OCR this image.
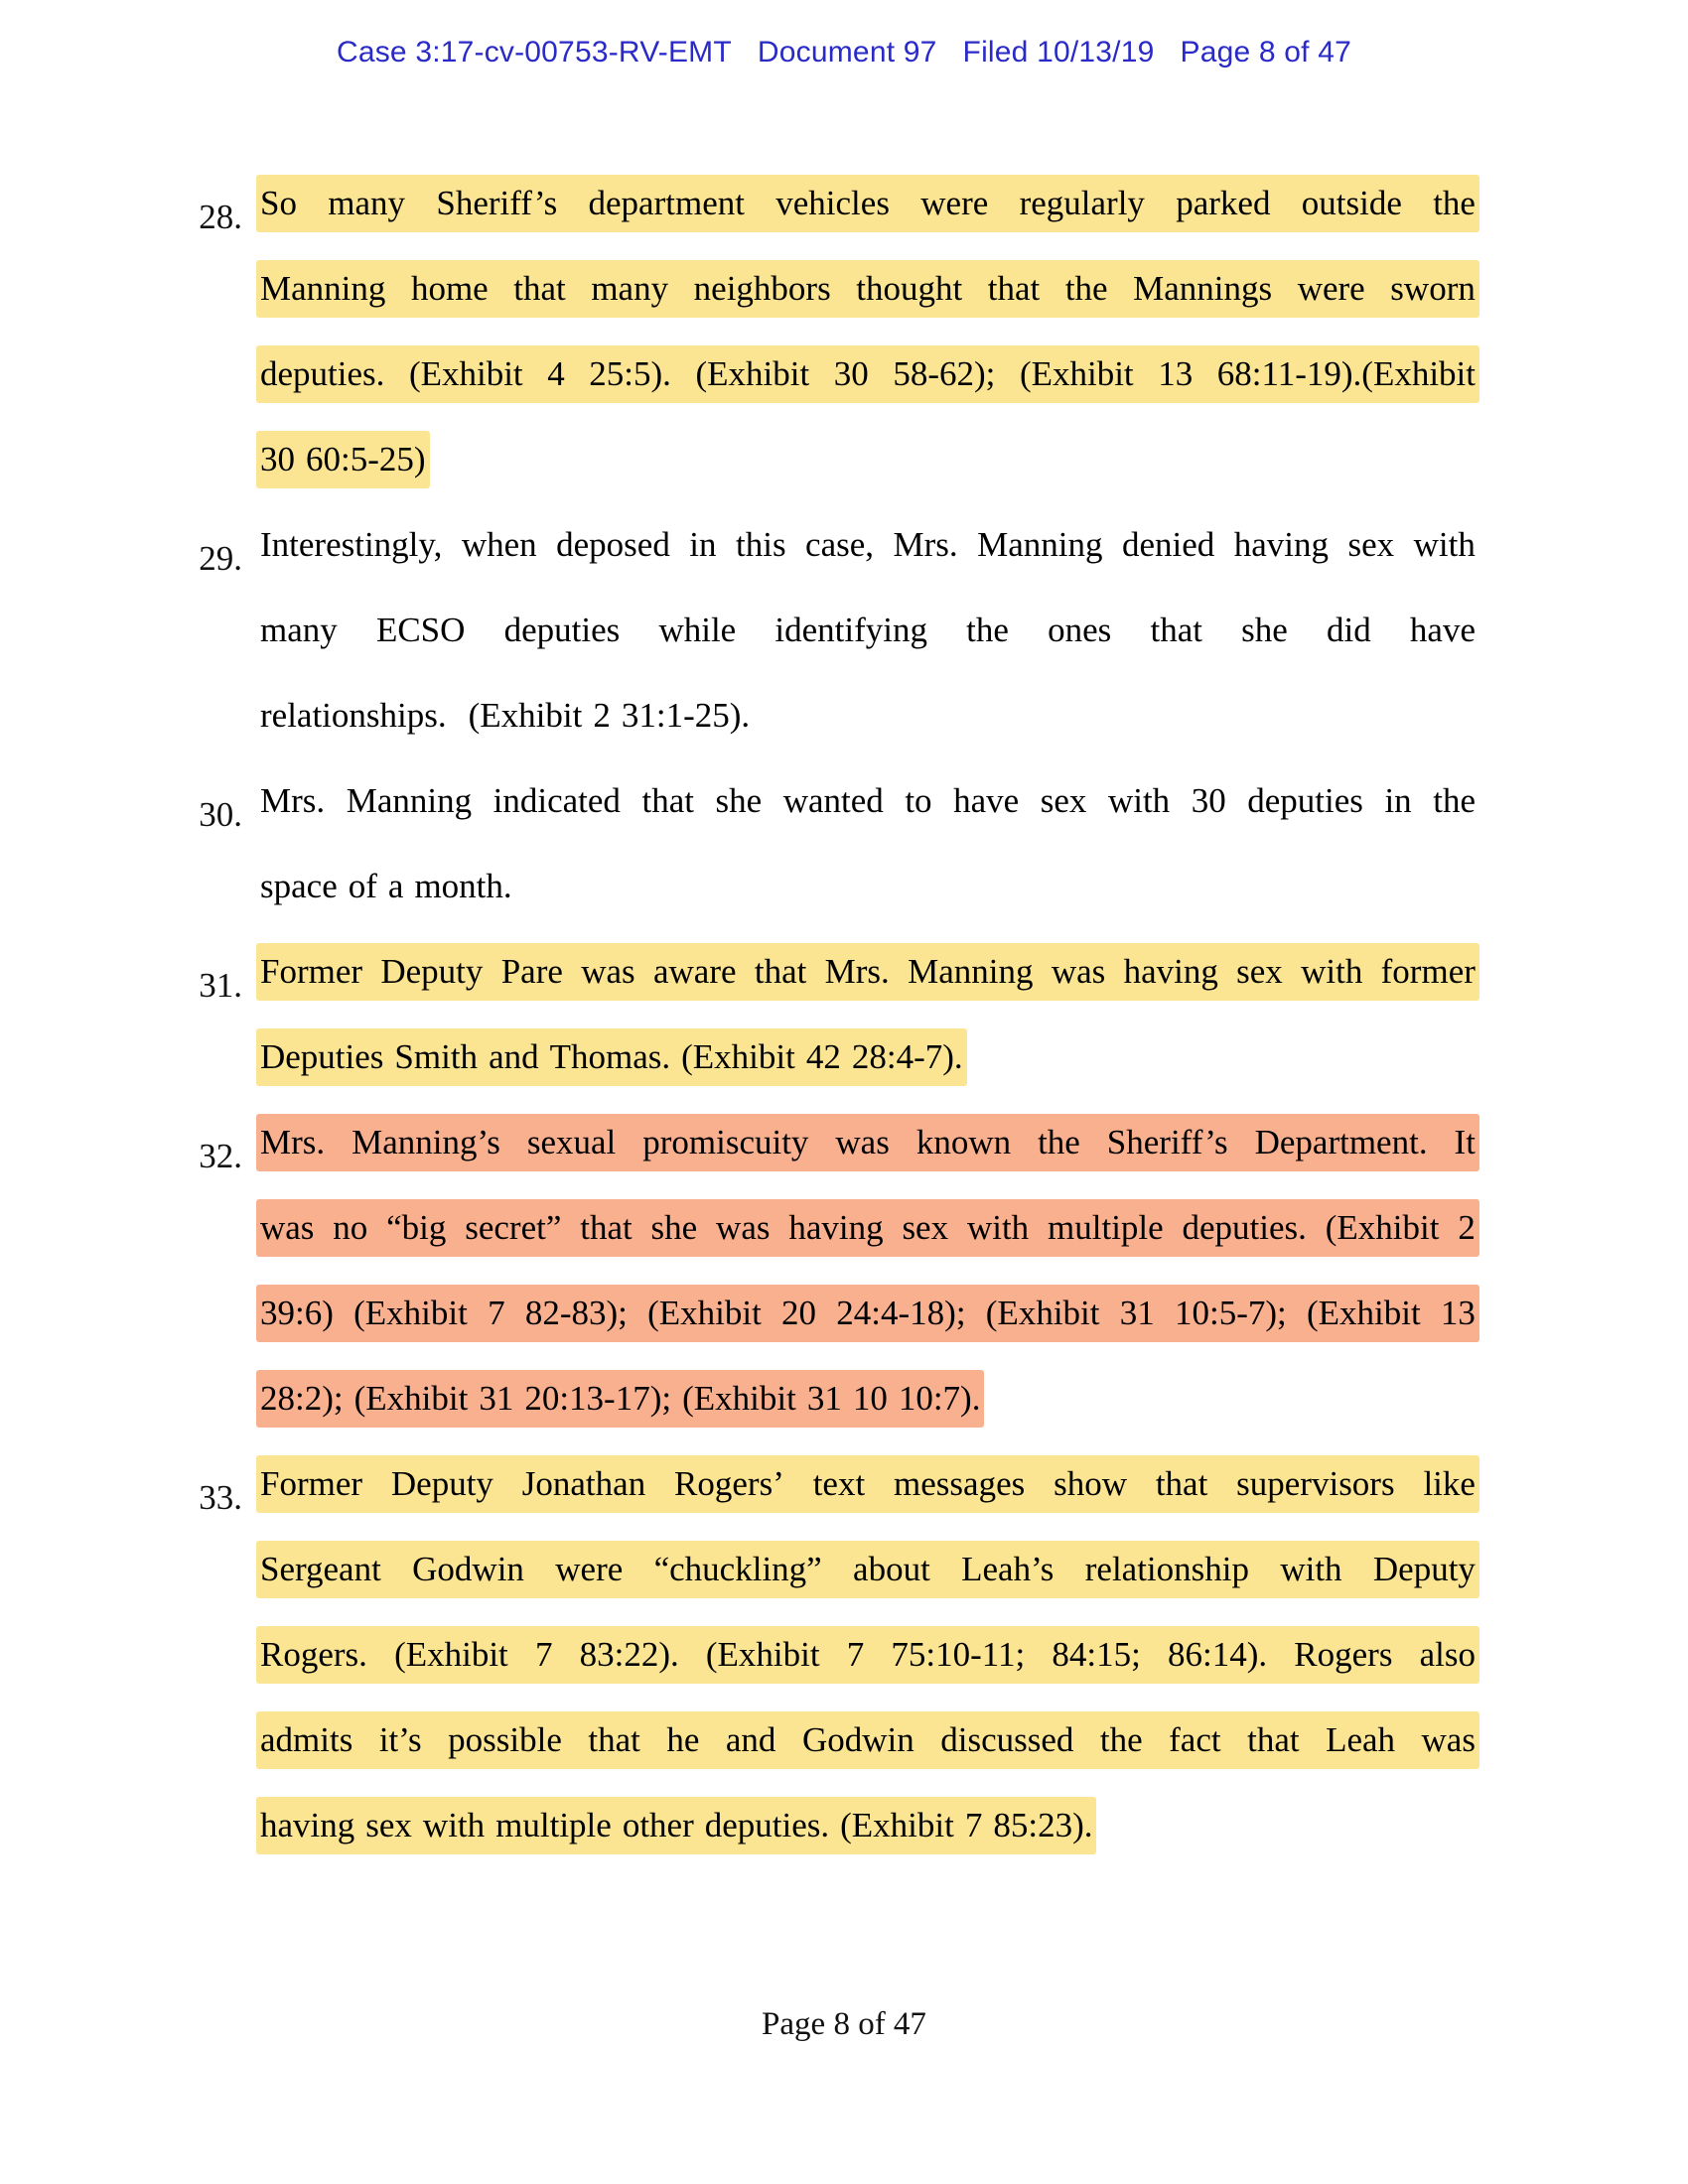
Case 3:17-cv-00753-RV-EMT Document 97 Filed 10/13/19 Page 8 of 47
28. So many Sheriff’s department vehicles were regularly parked outside the
Manning home that many neighbors thought that the Mannings were sworn
deputies. (Exhibit 4 25:5). (Exhibit 30 58-62); (Exhibit 13 68:11-19).(Exhibit
30 60:5-25)
29. Interestingly, when deposed in this case, Mrs. Manning denied having sex with
many ECSO deputies while identifying the ones that she did have
relationships. (Exhibit 2 31:1-25).
30. Mrs. Manning indicated that she wanted to have sex with 30 deputies in the
space of a month.
31. Former Deputy Pare was aware that Mrs. Manning was having sex with former
Deputies Smith and Thomas. (Exhibit 42 28:4-7).
32. Mrs. Manning’s sexual promiscuity was known the Sheriff’s Department. It
was no “big secret” that she was having sex with multiple deputies. (Exhibit 2
39:6) (Exhibit 7 82-83); (Exhibit 20 24:4-18); (Exhibit 31 10:5-7); (Exhibit 13
28:2); (Exhibit 31 20:13-17); (Exhibit 31 10 10:7).
33. Former Deputy Jonathan Rogers’ text messages show that supervisors like
Sergeant Godwin were “chuckling” about Leah’s relationship with Deputy
Rogers. (Exhibit 7 83:22). (Exhibit 7 75:10-11; 84:15; 86:14). Rogers also
admits it’s possible that he and Godwin discussed the fact that Leah was
having sex with multiple other deputies. (Exhibit 7 85:23).
Page 8 of 47
